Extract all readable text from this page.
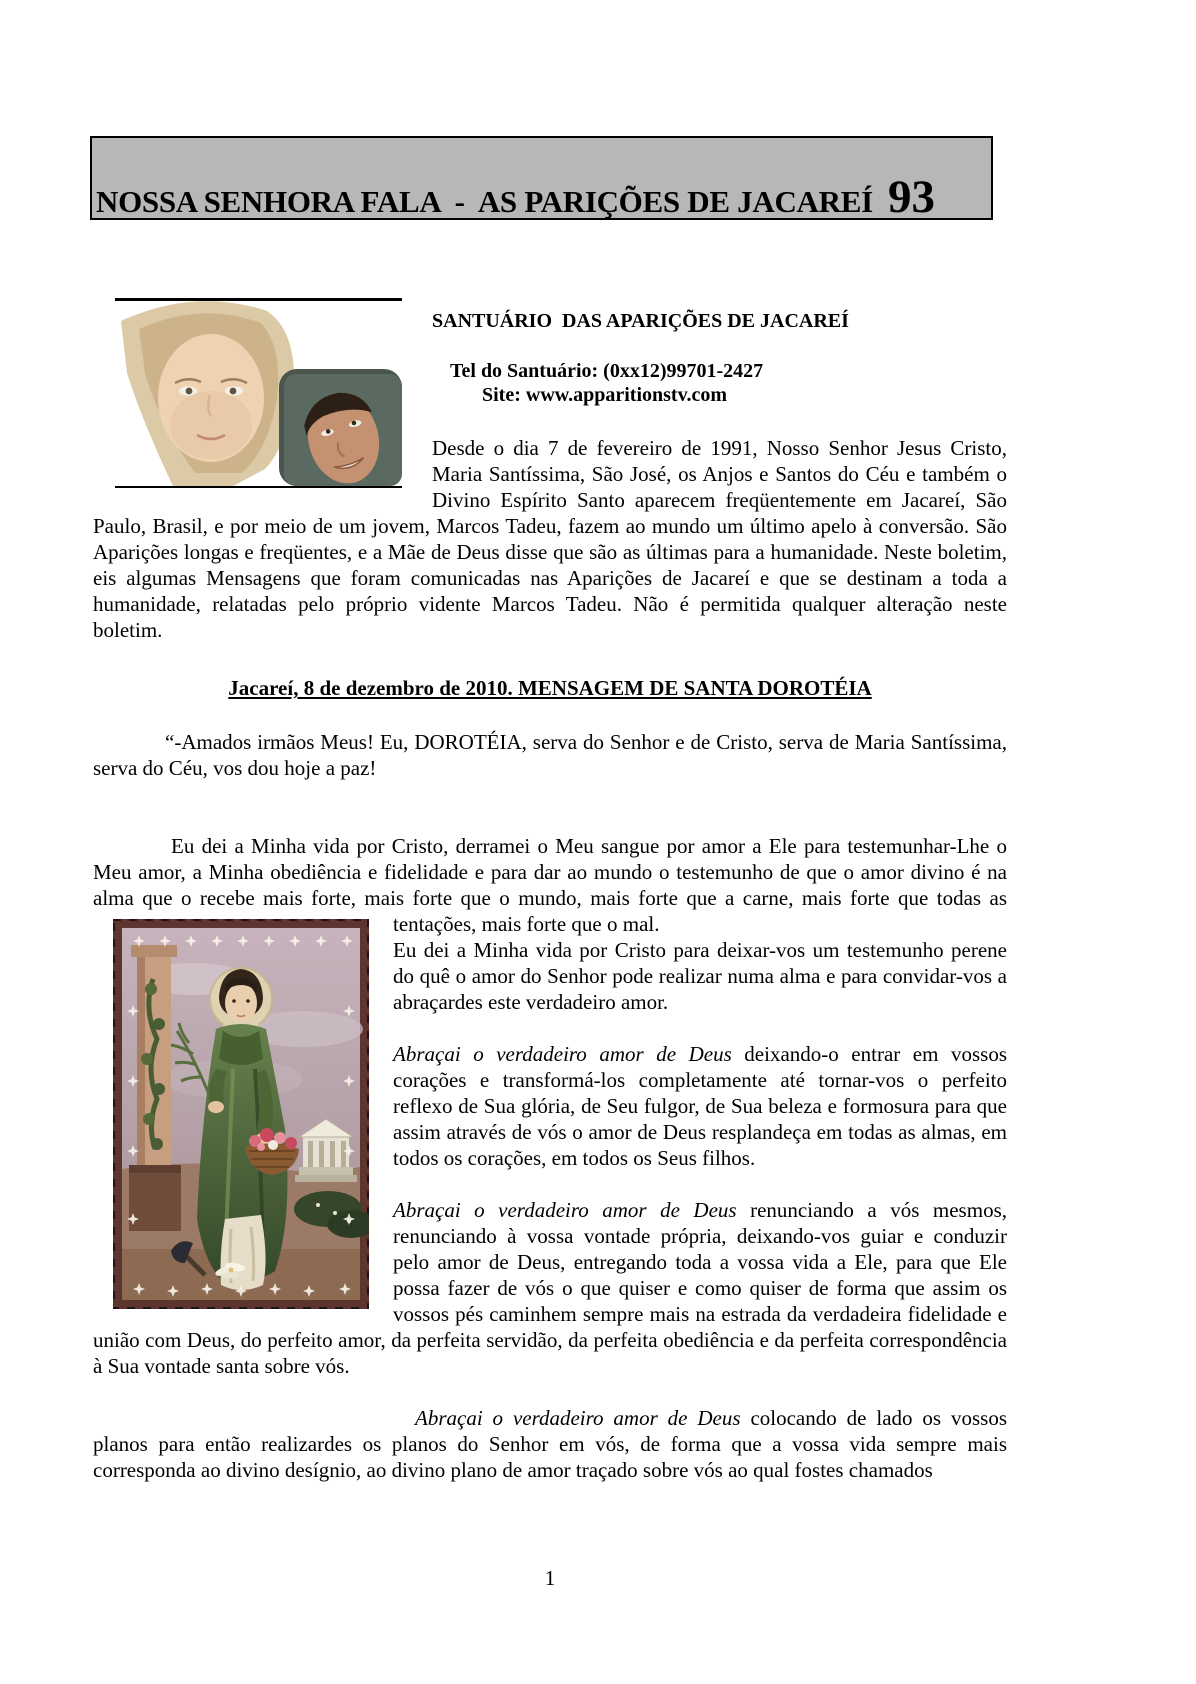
NOSSA SENHORA FALA  -  AS PARIÇÕES DE JACAREÍ 93

SANTUÁRIO  DAS APARIÇÕES DE JACAREÍ

Tel do Santuário: (0xx12)99701-2427

Site: www.apparitionstv.com

Desde o dia 7 de fevereiro de 1991, Nosso Senhor Jesus Cristo, Maria Santíssima, São José, os Anjos e Santos do Céu e também o Divino Espírito Santo aparecem freqüentemente em Jacareí, São Paulo, Brasil, e por meio de um jovem, Marcos Tadeu, fazem ao mundo um último apelo à conversão. São Aparições longas e freqüentes, e a Mãe de Deus disse que são as últimas para a humanidade. Neste boletim, eis algumas Mensagens que foram comunicadas nas Aparições de Jacareí e que se destinam a toda a humanidade, relatadas pelo próprio vidente Marcos Tadeu. Não é permitida qualquer alteração neste boletim.

Jacareí, 8 de dezembro de 2010. MENSAGEM DE SANTA DOROTÉIA

“-Amados irmãos Meus! Eu, DOROTÉIA, serva do Senhor e de Cristo, serva de Maria Santíssima, serva do Céu, vos dou hoje a paz!

Eu dei a Minha vida por Cristo, derramei o Meu sangue por amor a Ele para testemunhar-Lhe o Meu amor, a Minha obediência e fidelidade e para dar ao mundo o testemunho de que o amor divino é na alma que o recebe mais forte, mais forte que o mundo, mais forte que a carne, mais forte que todas as tentações, mais forte que o mal.

Eu dei a Minha vida por Cristo para deixar-vos um testemunho perene do quê o amor do Senhor pode realizar numa alma e para convidar-vos a abraçardes este verdadeiro amor.

Abraçai o verdadeiro amor de Deus deixando-o entrar em vossos corações e transformá-los completamente até tornar-vos o perfeito reflexo de Sua glória, de Seu fulgor, de Sua beleza e formosura para que assim através de vós o amor de Deus resplandeça em todas as almas, em todos os corações, em todos os Seus filhos.

Abraçai o verdadeiro amor de Deus renunciando a vós mesmos, renunciando à vossa vontade própria, deixando-vos guiar e conduzir pelo amor de Deus, entregando toda a vossa vida a Ele, para que Ele possa fazer de vós o que quiser e como quiser de forma que assim os vossos pés caminhem sempre mais na estrada da verdadeira fidelidade e união com Deus, do perfeito amor, da perfeita servidão, da perfeita obediência e da perfeita correspondência à Sua vontade santa sobre vós.

Abraçai o verdadeiro amor de Deus colocando de lado os vossos planos para então realizardes os planos do Senhor em vós, de forma que a vossa vida sempre mais corresponda ao divino desígnio, ao divino plano de amor traçado sobre vós ao qual fostes chamados

1
